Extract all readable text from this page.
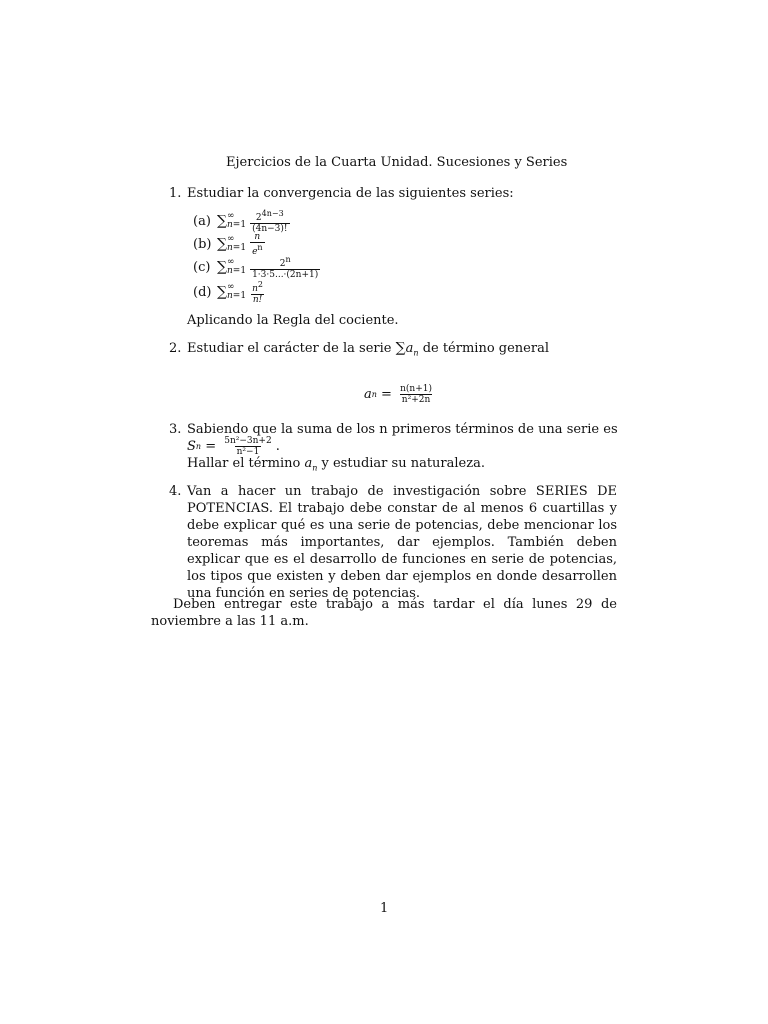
Ejercicios de la Cuarta Unidad. Sucesiones y Series
1. Estudiar la convergencia de las siguientes series:
(a) ∑ ∞
$n=1 \frac{24n-3}{(4n-3)!}$
(b) ∑ ∞
$n=1 \frac{n}{en}$
(c) ∑ ∞
$n=1 \frac{2n}{1\cdot 3\cdot 5...\cdot(2n+1)}$
(d) ∑ ∞
$n=1 \frac{n2}{n!}$
Aplicando la Regla del cociente.
2. Estudiar el carácter de la serie $\sum a_n$ de término general
a $n = \frac{n(n+1)}{\text{n²+2n}}$
3. Sabiendo que la suma de los n primeros términos de una serie es
S $n = \frac{\text{5n²−3n+2}}{\text{n²−1}}$ .
Hallar el término $a_n$ y estudiar su naturaleza.
4. Van a hacer un trabajo de investigación sobre SERIES DE POTENCIAS. El trabajo debe constar de al menos 6 cuartillas y debe explicar qué es una serie de potencias, debe mencionar los teoremas más importantes, dar ejemplos. También deben explicar que es el desarrollo de funciones en serie de potencias, los tipos que existen y deben dar ejemplos en donde desarrollen una función en series de potencias.
Deben entregar este trabajo a más tardar el día lunes 29 de noviembre a las 11 a.m.
1
